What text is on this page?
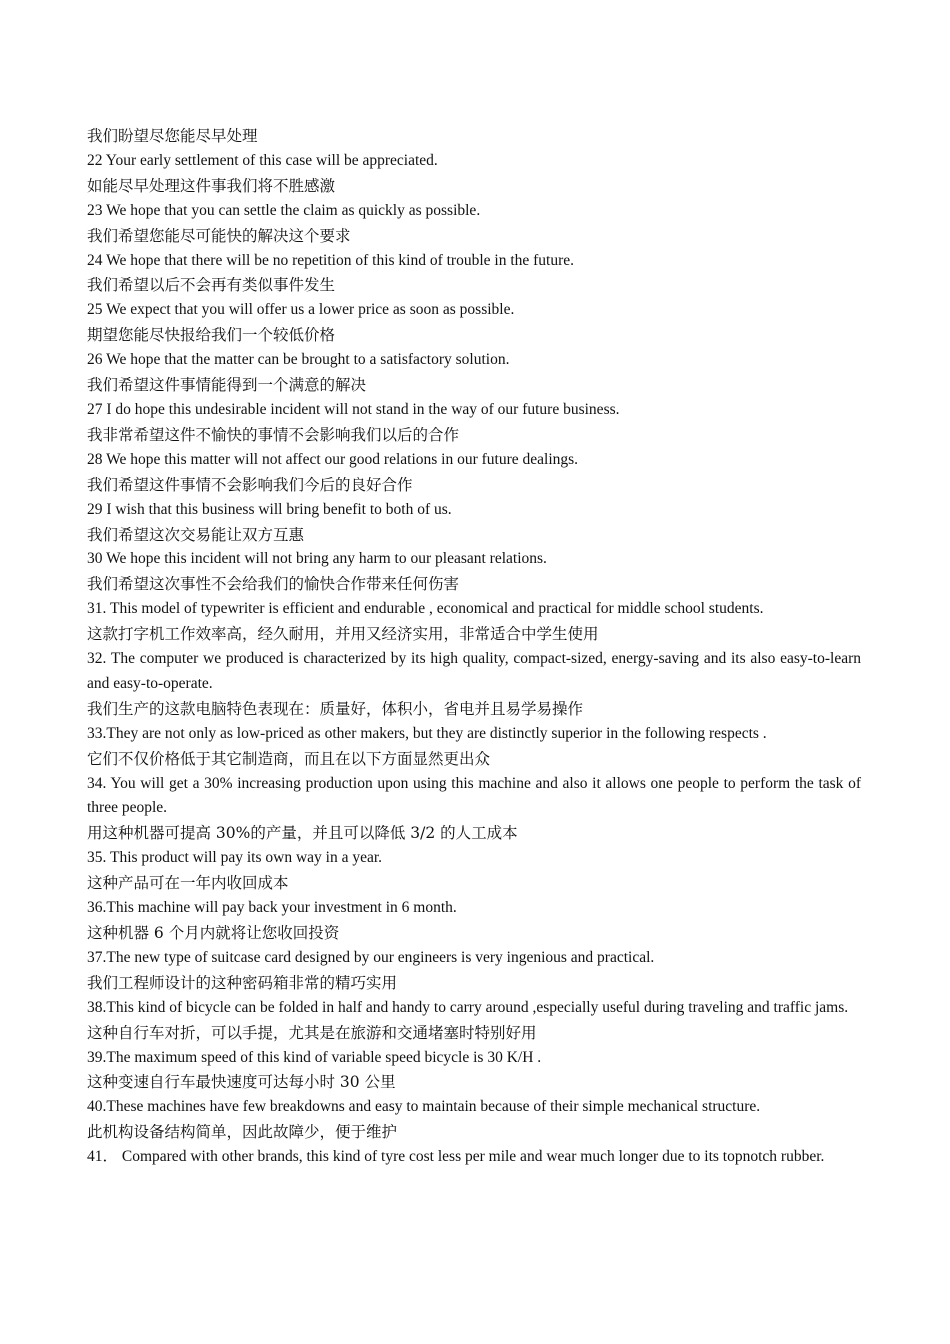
我们盼望尽您能尽早处理

22 Your early settlement of this case will be appreciated.

如能尽早处理这件事我们将不胜感激

23 We hope that you can settle the claim as quickly as possible.

我们希望您能尽可能快的解决这个要求

24 We hope that there will be no repetition of this kind of trouble in the future.

我们希望以后不会再有类似事件发生

25 We expect that you will offer us a lower price as soon as possible.

期望您能尽快报给我们一个较低价格

26 We hope that the matter can be brought to a satisfactory solution.

我们希望这件事情能得到一个满意的解决

27 I do hope this undesirable incident will not stand in the way of our future business.

我非常希望这件不愉快的事情不会影响我们以后的合作

28 We hope this matter will not affect our good relations in our future dealings.

我们希望这件事情不会影响我们今后的良好合作

29 I wish that this business will bring benefit to both of us.

我们希望这次交易能让双方互惠

30 We hope this incident will not bring any harm to our pleasant relations.

我们希望这次事性不会给我们的愉快合作带来任何伤害

31. This model of typewriter is efficient and endurable , economical and practical for middle school students.

这款打字机工作效率高，经久耐用，并用又经济实用，非常适合中学生使用

32. The computer we produced is characterized by its high quality, compact-sized, energy-saving and its also easy-to-learn and easy-to-operate.

我们生产的这款电脑特色表现在：质量好，体积小，省电并且易学易操作

33.They are not only as low-priced as other makers, but they are distinctly superior in the following respects .

它们不仅价格低于其它制造商，而且在以下方面显然更出众

34. You will get a 30% increasing production upon using this machine and also it allows one people to perform the task of three people.

用这种机器可提高 30%的产量，并且可以降低 3/2 的人工成本

35. This product will pay its own way in a year.

这种产品可在一年内收回成本

36.This machine will pay back your investment in 6 month.

这种机器 6 个月内就将让您收回投资

37.The new type of suitcase card designed by our engineers is very ingenious and practical.

我们工程师设计的这种密码箱非常的精巧实用

38.This kind of bicycle can be folded in half and handy to carry around ,especially useful during traveling and traffic jams.

这种自行车对折，可以手提，尤其是在旅游和交通堵塞时特别好用

39.The maximum speed of this kind of variable speed bicycle is 30 K/H .

这种变速自行车最快速度可达每小时 30 公里

40.These machines have few breakdowns and easy to maintain because of their simple mechanical structure.

此机构设备结构简单，因此故障少，便于维护

41． Compared with other brands, this kind of tyre cost less per mile and wear much longer due to its topnotch rubber.
